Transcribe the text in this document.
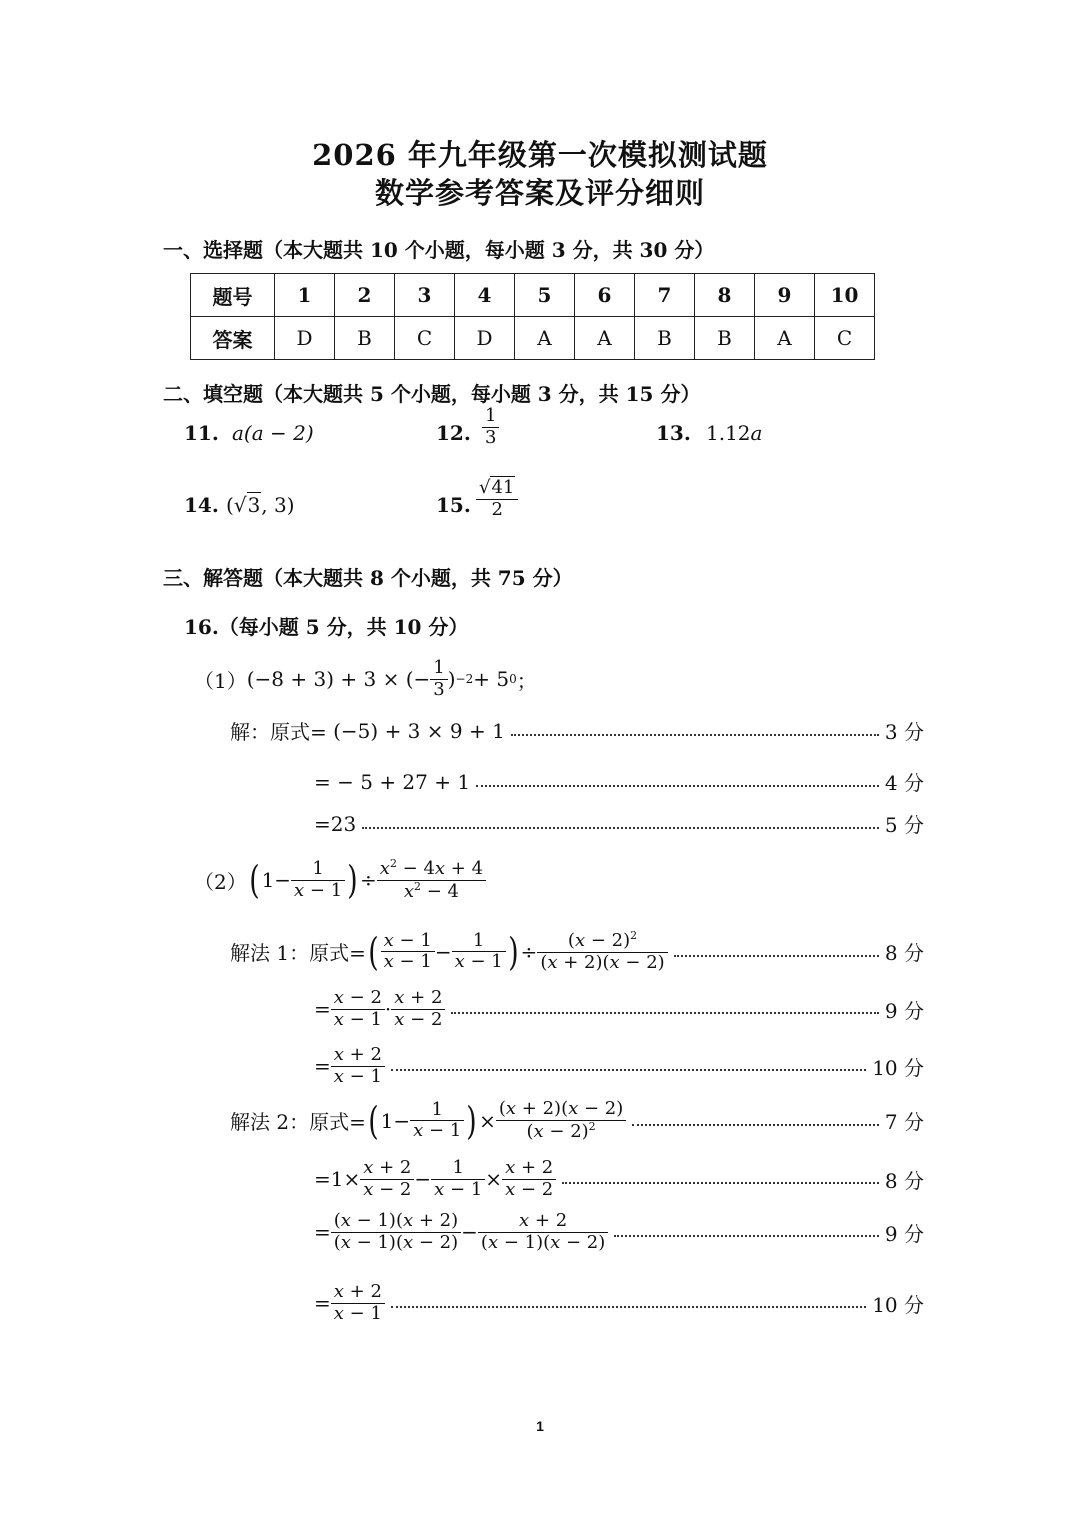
2026 年九年级第一次模拟测试题
数学参考答案及评分细则
一、选择题（本大题共 10 个小题，每小题 3 分，共 30 分）
题号	1	2	3	4	5	6	7	8	9	10
答案	D	B	C	D	A	A	B	B	A	C
二、填空题（本大题共 5 个小题，每小题 3 分，共 15 分）
11. a(a − 2)	12. $\frac{1}{3}$	13. 1.12a
14. (√3, 3)	15. $\frac{√41}{2}$
三、解答题（本大题共 8 个小题，共 75 分）
16.（每小题 5 分，共 10 分）
（1） (−8 + 3) + 3 × (− $\frac{1}{3}$ ) −2 + 5 0 ；
解：原式=
(−5) + 3 × 9 + 1	3 分
= − 5 + 27 + 1	4 分
=23	5 分
（2） ( $1- \frac{1}{x - 1}$ ) ÷ $\frac{x^2 - 4x + 4}{x^2 - 4}$
解法 1：原式= ( $\frac{x - 1}{x - 1} - \frac{1}{x - 1}$ ) ÷ $\frac{(x - 2)^2}{(x + 2)(x - 2)}$	8 分
= $\frac{x - 2}{x - 1} \cdot \frac{x + 2}{x - 2}$	9 分
= $\frac{x + 2}{x - 1}$	10 分
解法 2：原式= ( $1- \frac{1}{x - 1}$ ) × $\frac{(x + 2)(x - 2)}{(x - 2)^2}$	7 分
$=1\times \frac{x + 2}{x - 2} - \frac{1}{x - 1} \times \frac{x + 2}{x - 2}$	8 分
= $\frac{(x - 1)(x + 2)}{(x - 1)(x - 2)} - \frac{x + 2}{(x - 1)(x - 2)}$	9 分
= $\frac{x + 2}{x - 1}$	10 分
1
